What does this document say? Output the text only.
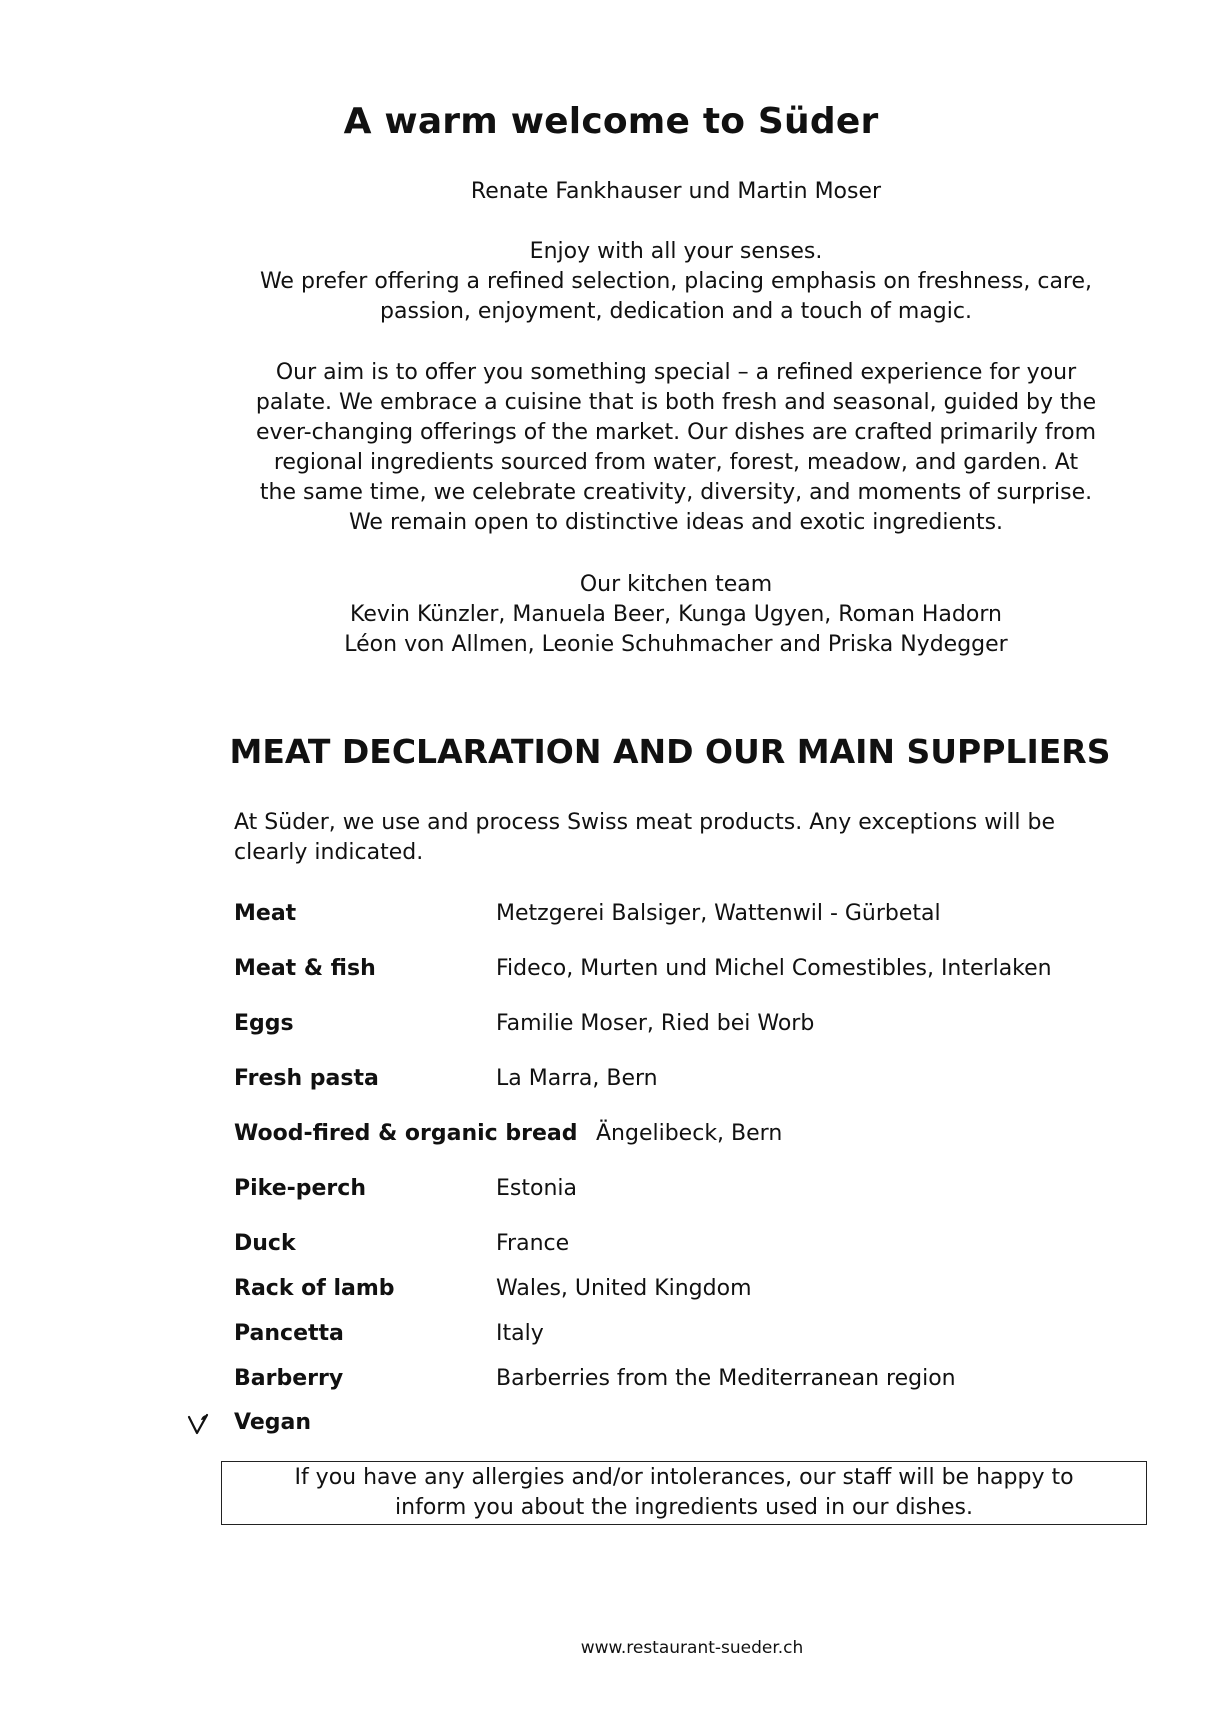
A warm welcome to Süder

Renate Fankhauser und Martin Moser

Enjoy with all your senses.

We prefer offering a refined selection, placing emphasis on freshness, care,

passion, enjoyment, dedication and a touch of magic.

Our aim is to offer you something special – a refined experience for your

palate. We embrace a cuisine that is both fresh and seasonal, guided by the

ever-changing offerings of the market. Our dishes are crafted primarily from

regional ingredients sourced from water, forest, meadow, and garden. At

the same time, we celebrate creativity, diversity, and moments of surprise.

We remain open to distinctive ideas and exotic ingredients.

Our kitchen team

Kevin Künzler, Manuela Beer, Kunga Ugyen, Roman Hadorn

Léon von Allmen, Leonie Schuhmacher and Priska Nydegger

MEAT DECLARATION AND OUR MAIN SUPPLIERS
At Süder, we use and process Swiss meat products. Any exceptions will be
clearly indicated.
Meat	Metzgerei Balsiger, Wattenwil - Gürbetal
Meat & fish	Fideco, Murten und Michel Comestibles, Interlaken
Eggs	Familie Moser, Ried bei Worb
Fresh pasta	La Marra, Bern
Wood-fired & organic bread Ängelibeck, Bern
Pike-perch	Estonia
Duck	France
Rack of lamb	Wales, United Kingdom
Pancetta	Italy
Barberry	Barberries from the Mediterranean region
Vegan

If you have any allergies and/or intolerances, our staff will be happy to

inform you about the ingredients used in our dishes.

www.restaurant-sueder.ch
